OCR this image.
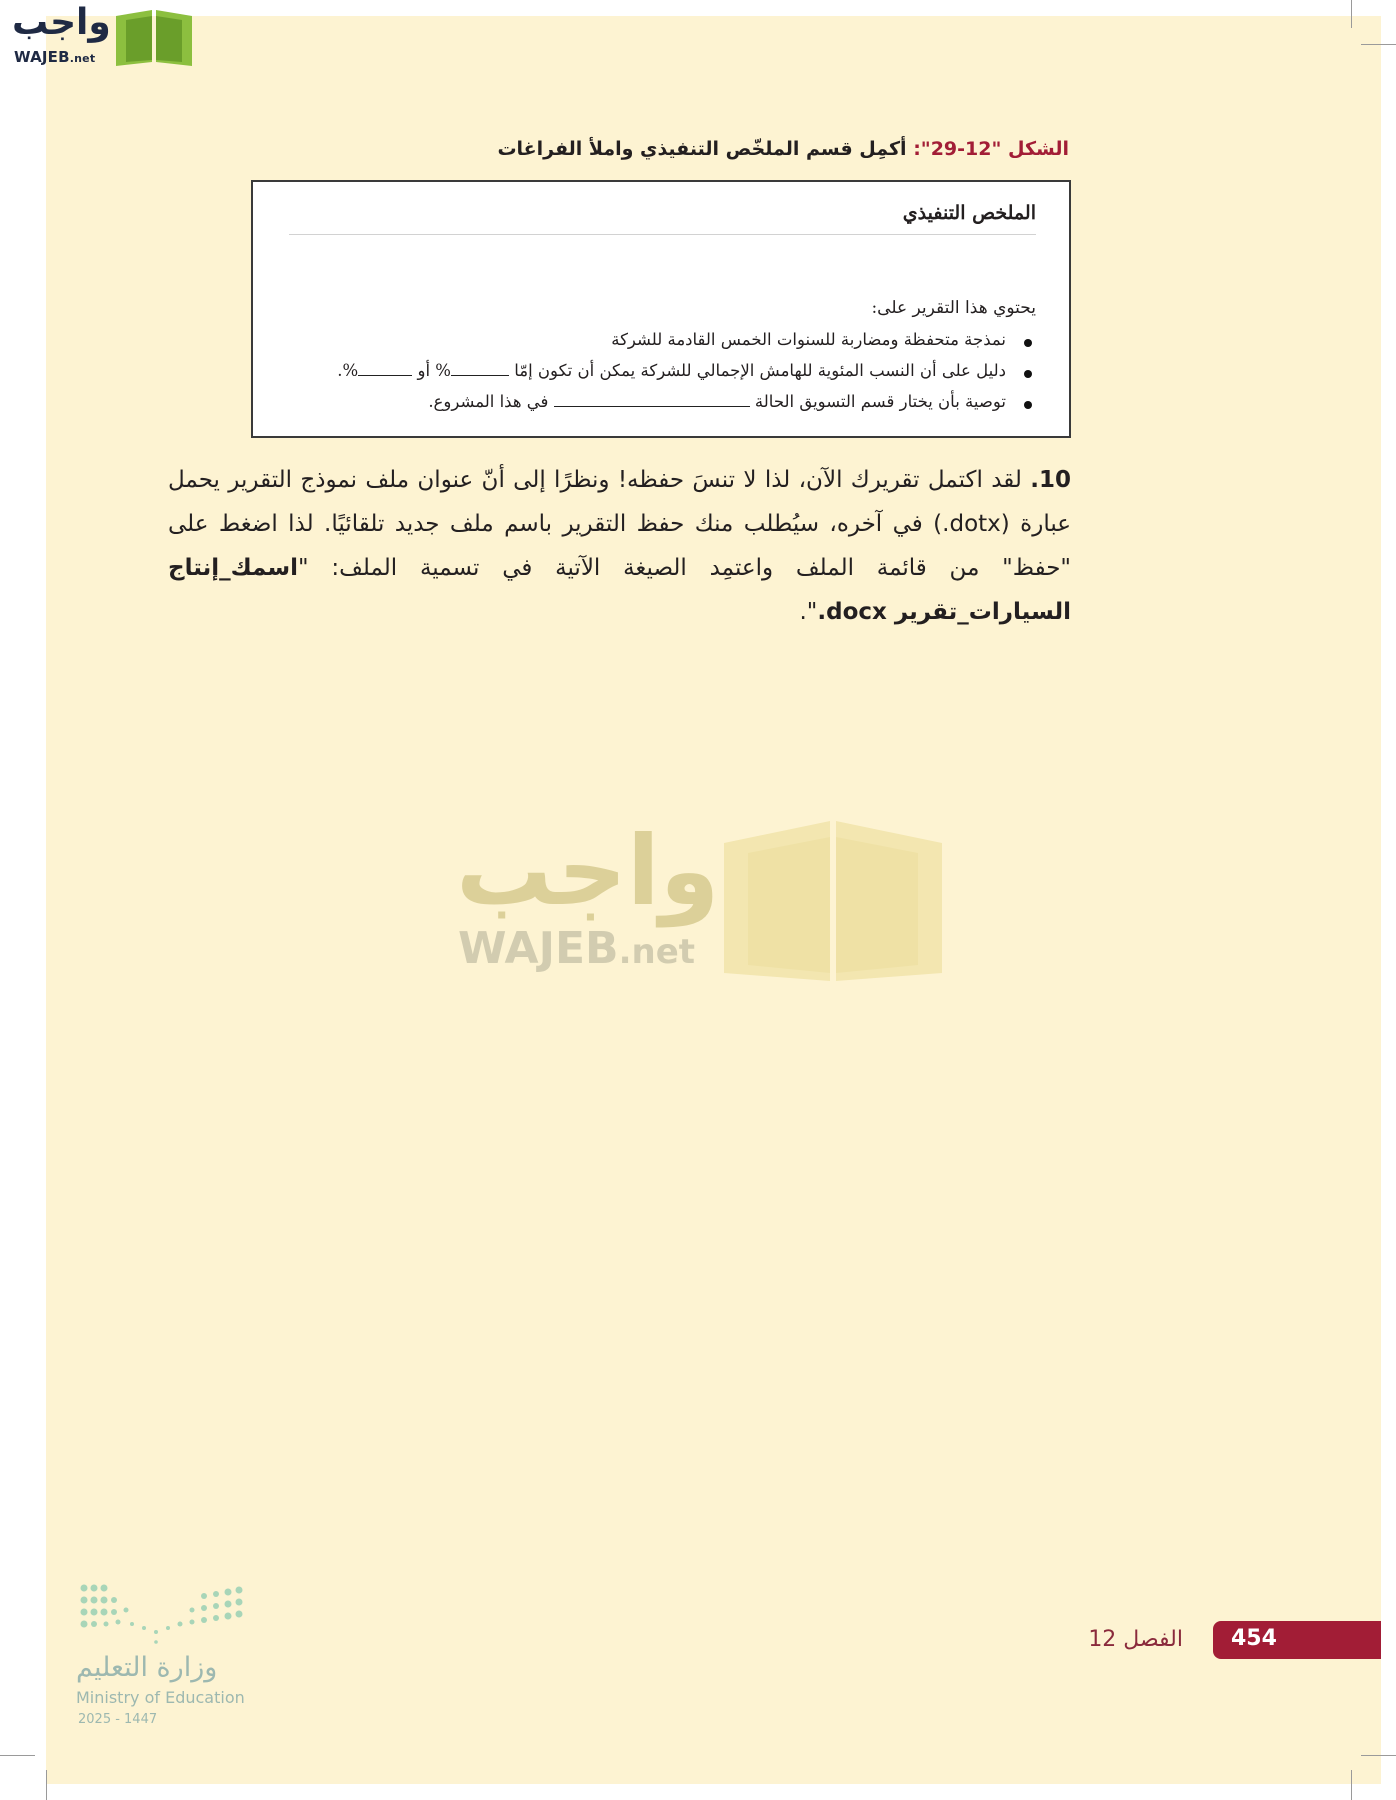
واجب
WAJEB.net
الشكل "12-29": أكمِل قسم الملخّص التنفيذي واملأ الفراغات
الملخص التنفيذي
يحتوي هذا التقرير على:
نمذجة متحفظة ومضاربة للسنوات الخمس القادمة للشركة
دليل على أن النسب المئوية للهامش الإجمالي للشركة يمكن أن تكون إمّا % أو %.
توصية بأن يختار قسم التسويق الحالة  في هذا المشروع.
10. لقد اكتمل تقريرك الآن، لذا لا تنسَ حفظه! ونظرًا إلى أنّ عنوان ملف نموذج التقرير يحمل عبارة (dotx.) في آخره، سيُطلب منك حفظ التقرير باسم ملف جديد تلقائيًا. لذا اضغط على "حفظ" من قائمة الملف واعتمِد الصيغة الآتية في تسمية الملف: "اسمك_إنتاج السيارات_تقرير docx.".
واجب
WAJEB.net
وزارة التعليم
Ministry of Education
2025 - 1447
الفصل 12 454
